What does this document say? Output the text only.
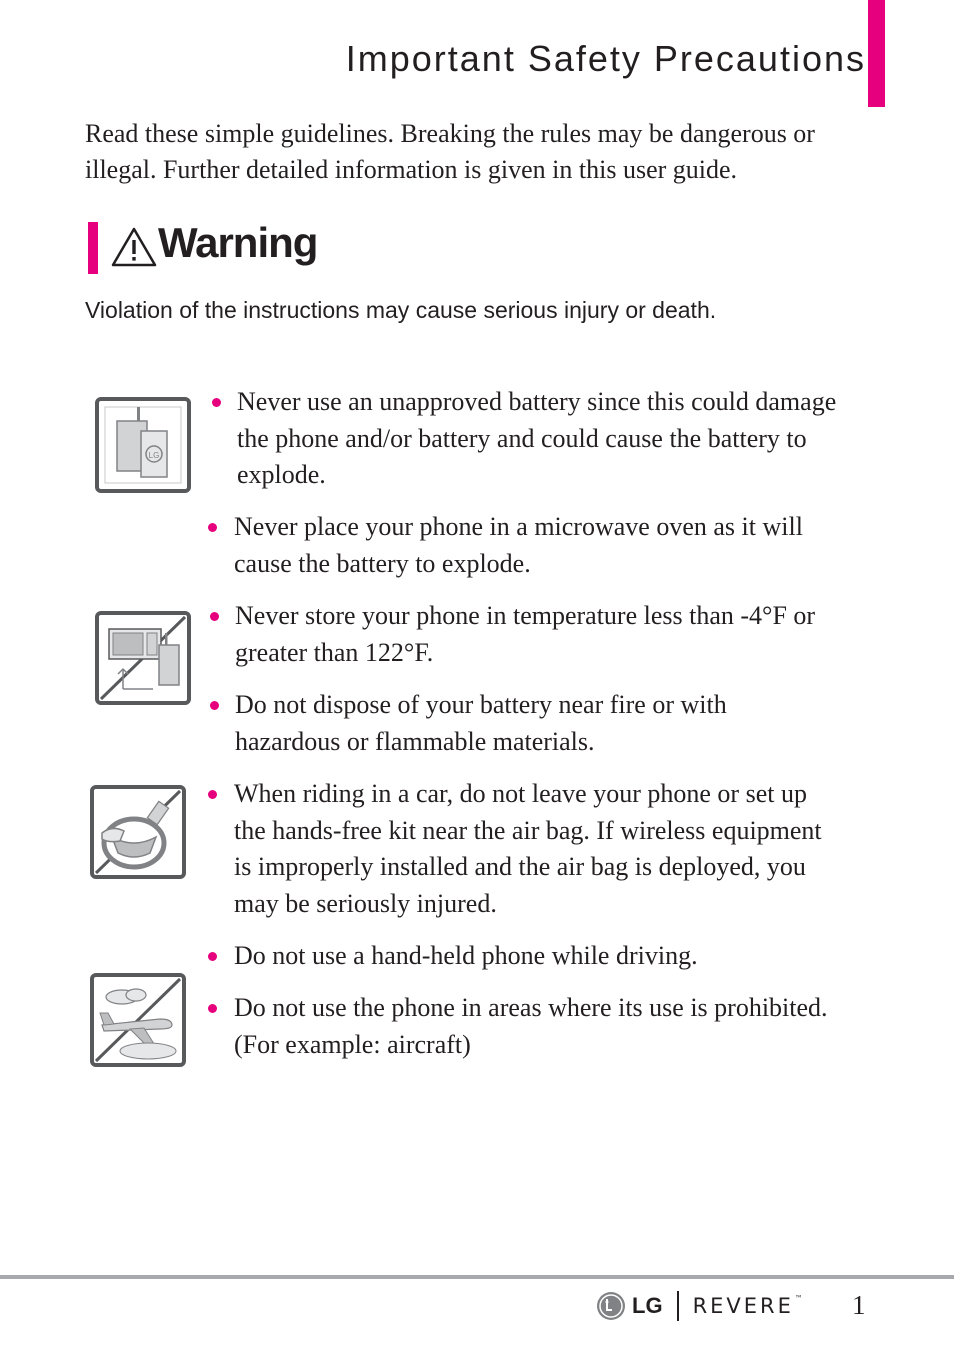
Important Safety Precautions

Read these simple guidelines. Breaking the rules may be dangerous or illegal. Further detailed information is given in this user guide.

Warning

Violation of the instructions may cause serious injury or death.

LG

Never use an unapproved battery since this could damage
the phone and/or battery and could cause the battery to
explode.

Never place your phone in a microwave oven as it will
cause the battery to explode.

Never store your phone in temperature less than -4°F or
greater than 122°F.

Do not dispose of your battery near fire or with
hazardous or flammable materials.

When riding in a car, do not leave your phone or set up
the hands-free kit near the air bag. If wireless equipment
is improperly installed and the air bag is deployed, you
may be seriously injured.

Do not use a hand-held phone while driving.

Do not use the phone in areas where its use is prohibited.
(For example: aircraft)

LG REVERE™ 1
